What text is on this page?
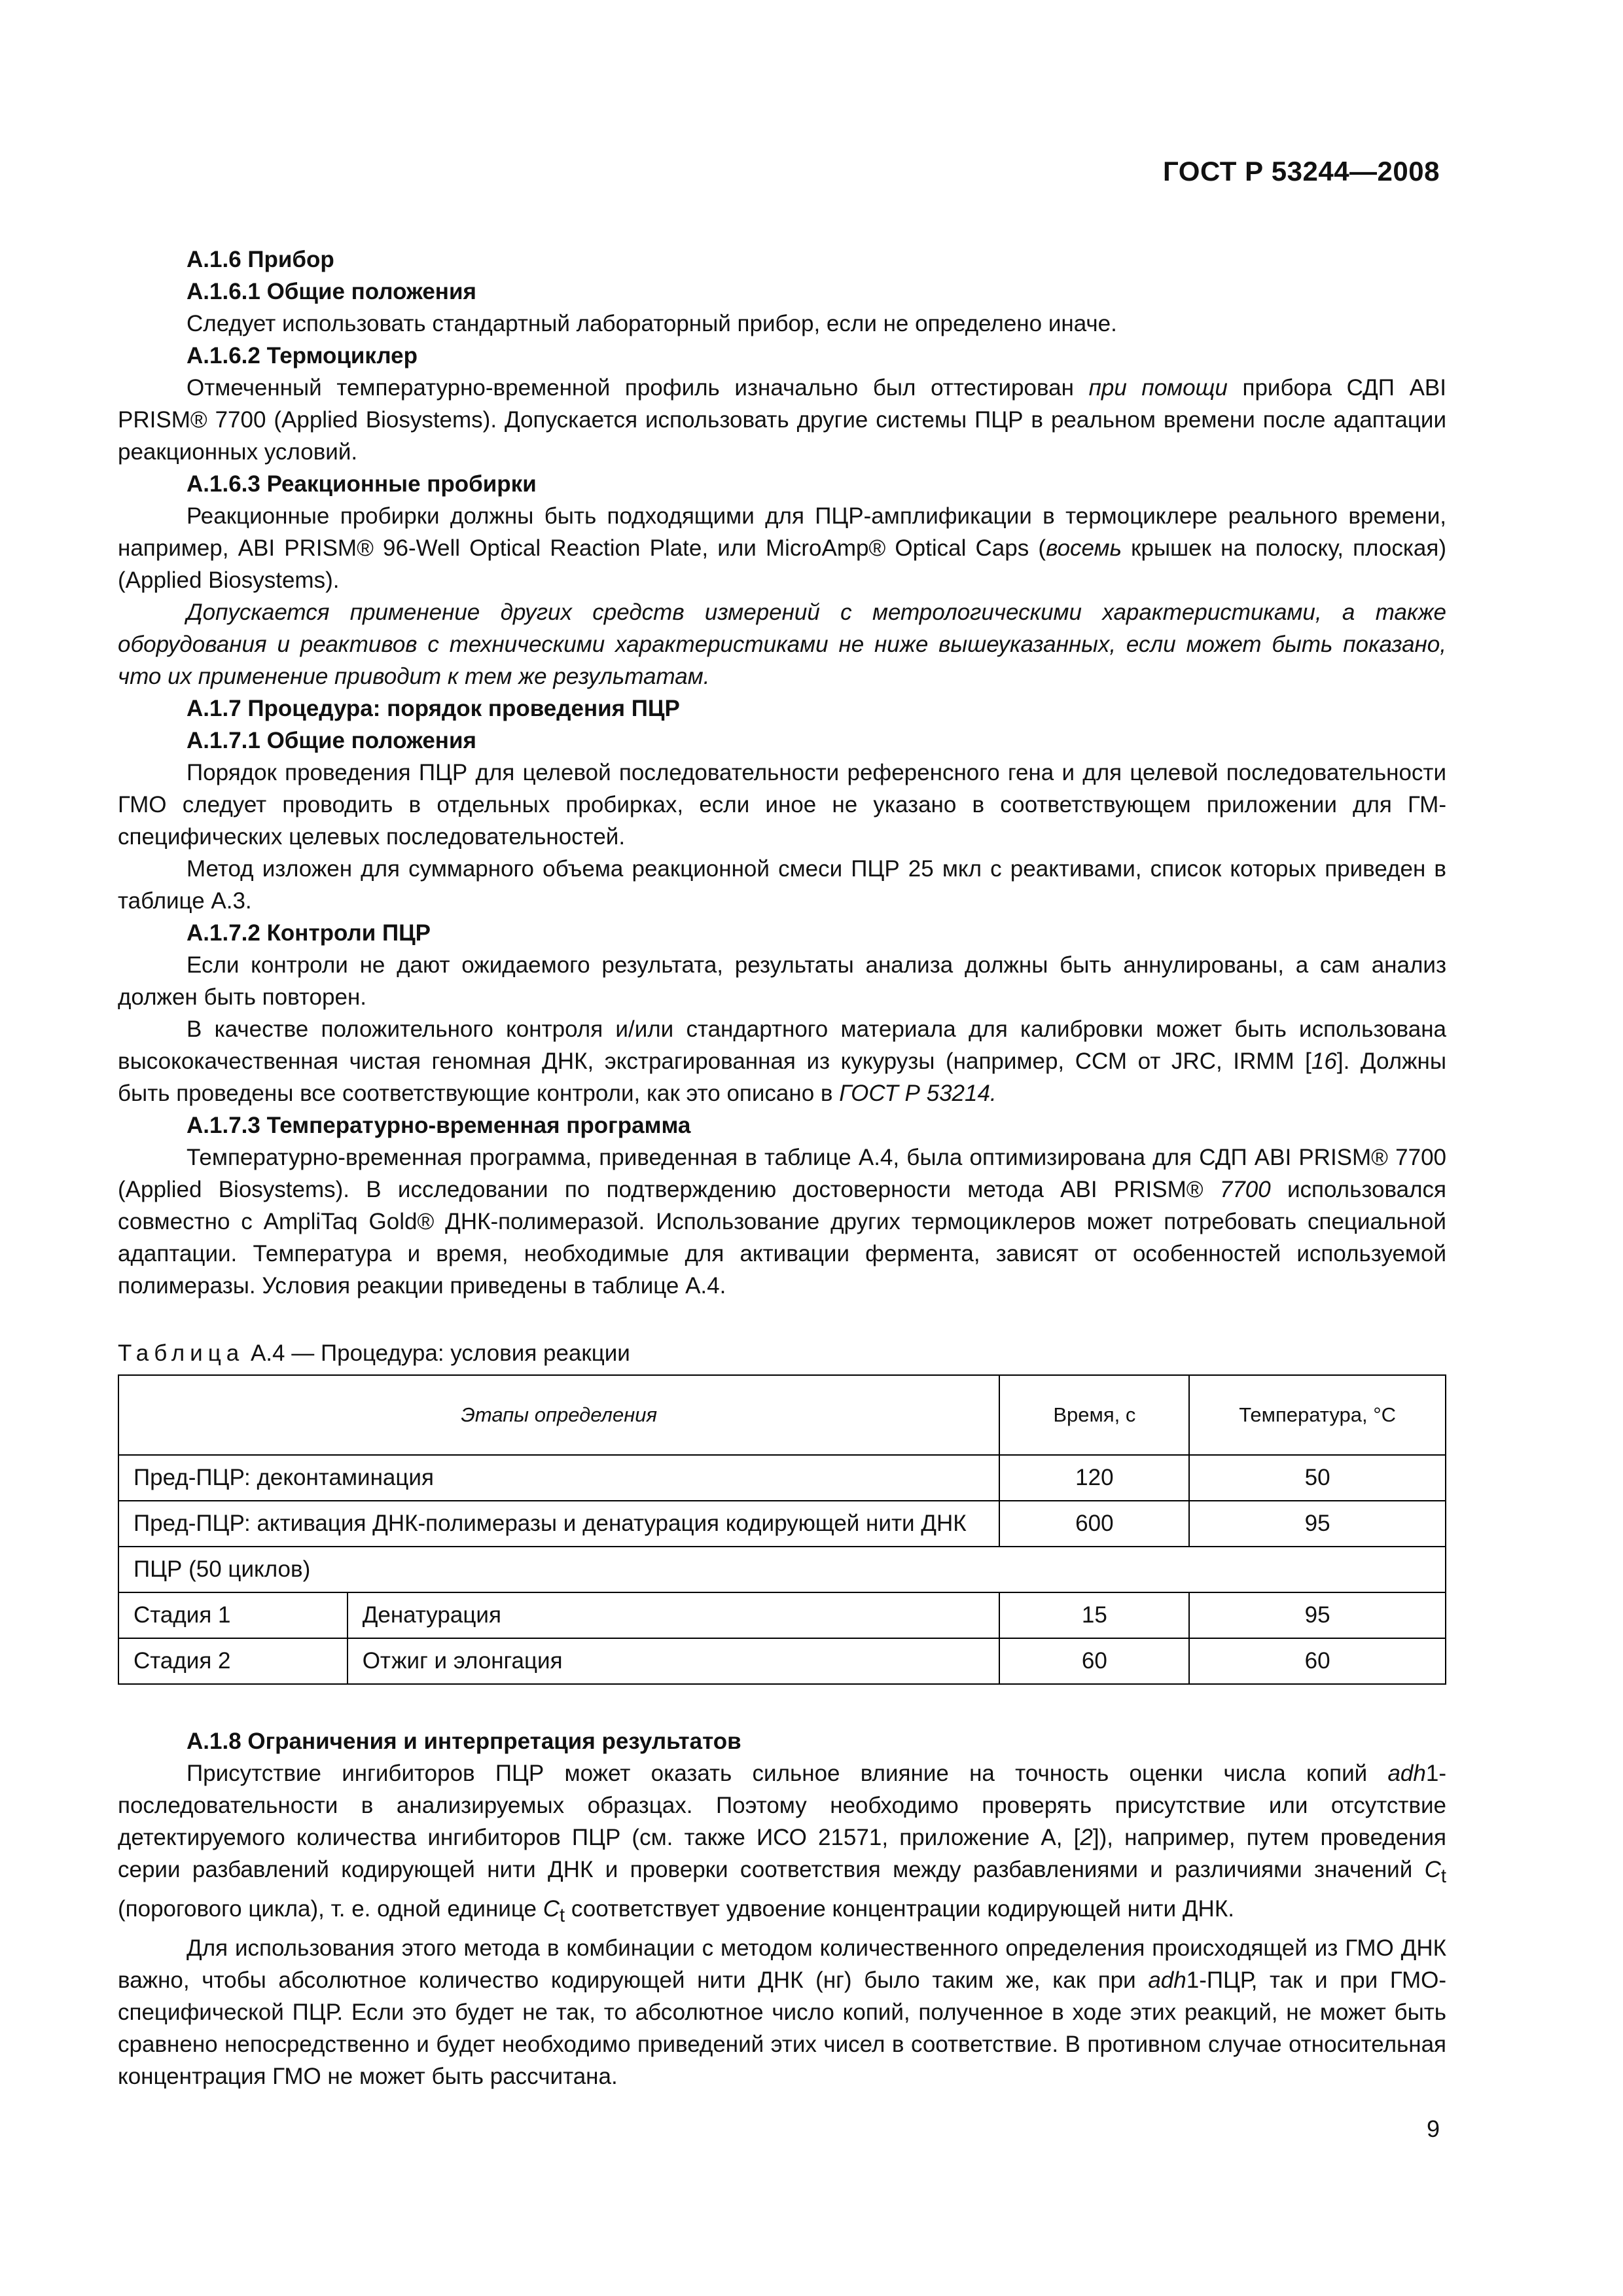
ГОСТ Р 53244—2008

А.1.6 Прибор

А.1.6.1 Общие положения

Следует использовать стандартный лабораторный прибор, если не определено иначе.

А.1.6.2 Термоциклер

Отмеченный температурно-временной профиль изначально был оттестирован при помощи прибора СДП ABI PRISM® 7700 (Applied Biosystems). Допускается использовать другие системы ПЦР в реальном времени после адаптации реакционных условий.

А.1.6.3 Реакционные пробирки

Реакционные пробирки должны быть подходящими для ПЦР-амплификации в термоциклере реального времени, например, ABI PRISM® 96-Well Optical Reaction Plate, или MicroAmp® Optical Caps (восемь крышек на полоску, плоская) (Applied Biosystems).

Допускается применение других средств измерений с метрологическими характеристиками, а также оборудования и реактивов с техническими характеристиками не ниже вышеуказанных, если может быть показано, что их применение приводит к тем же результатам.

А.1.7 Процедура: порядок проведения ПЦР

А.1.7.1 Общие положения

Порядок проведения ПЦР для целевой последовательности референсного гена и для целевой последовательности ГМО следует проводить в отдельных пробирках, если иное не указано в соответствующем приложении для ГМ-специфических целевых последовательностей.

Метод изложен для суммарного объема реакционной смеси ПЦР 25 мкл с реактивами, список которых приведен в таблице А.3.

А.1.7.2 Контроли ПЦР

Если контроли не дают ожидаемого результата, результаты анализа должны быть аннулированы, а сам анализ должен быть повторен.

В качестве положительного контроля и/или стандартного материала для калибровки может быть использована высококачественная чистая геномная ДНК, экстрагированная из кукурузы (например, ССМ от JRC, IRMM [16]. Должны быть проведены все соответствующие контроли, как это описано в ГОСТ Р 53214.

А.1.7.3 Температурно-временная программа

Температурно-временная программа, приведенная в таблице А.4, была оптимизирована для СДП ABI PRISM® 7700 (Applied Biosystems). В исследовании по подтверждению достоверности метода ABI PRISM® 7700 использовался совместно с AmpliTaq Gold® ДНК-полимеразой. Использование других термоциклеров может потребовать специальной адаптации. Температура и время, необходимые для активации фермента, зависят от особенностей используемой полимеразы. Условия реакции приведены в таблице А.4.

Таблица А.4 — Процедура: условия реакции

Этапы определения		Время, с	Температура, °С
Пред-ПЦР: деконтаминация		120	50
Пред-ПЦР: активация ДНК-полимеразы и денатурация кодирующей нити ДНК		600	95
ПЦР (50 циклов)			
Стадия 1	Денатурация	15	95
Стадия 2	Отжиг и элонгация	60	60

А.1.8 Ограничения и интерпретация результатов

Присутствие ингибиторов ПЦР может оказать сильное влияние на точность оценки числа копий adh1-последовательности в анализируемых образцах. Поэтому необходимо проверять присутствие или отсутствие детектируемого количества ингибиторов ПЦР (см. также ИСО 21571, приложение А, [2]), например, путем проведения серии разбавлений кодирующей нити ДНК и проверки соответствия между разбавлениями и различиями значений $C_t$ (порогового цикла), т. е. одной единице $C_t$ соответствует удвоение концентрации кодирующей нити ДНК.

Для использования этого метода в комбинации с методом количественного определения происходящей из ГМО ДНК важно, чтобы абсолютное количество кодирующей нити ДНК (нг) было таким же, как при adh1-ПЦР, так и при ГМО-специфической ПЦР. Если это будет не так, то абсолютное число копий, полученное в ходе этих реакций, не может быть сравнено непосредственно и будет необходимо приведений этих чисел в соответствие. В противном случае относительная концентрация ГМО не может быть рассчитана.

9
